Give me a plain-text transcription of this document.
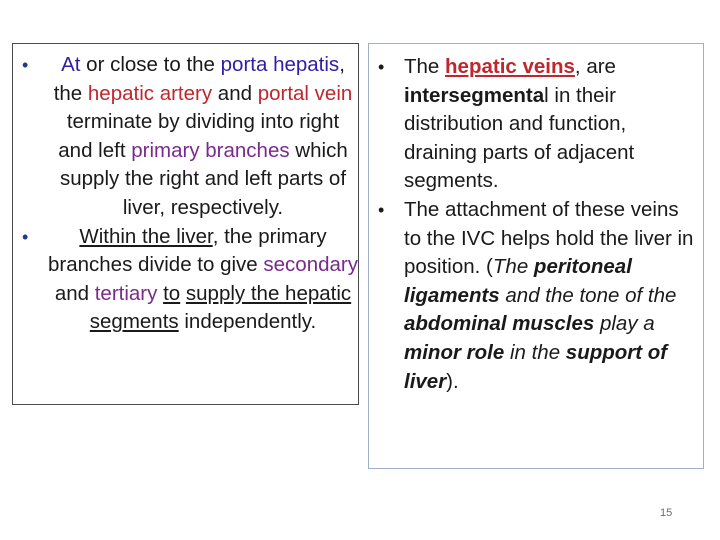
• At or close to the porta hepatis, the hepatic artery and portal vein terminate by dividing into right and left primary branches which supply the right and left parts of liver, respectively.
• Within the liver, the primary branches divide to give secondary and tertiary to supply the hepatic segments independently.
• The hepatic veins, are intersegmental in their distribution and function, draining parts of adjacent segments.
• The attachment of these veins to the IVC helps hold the liver in position. (The peritoneal ligaments and the tone of the abdominal muscles play a minor role in the support of liver).
15
